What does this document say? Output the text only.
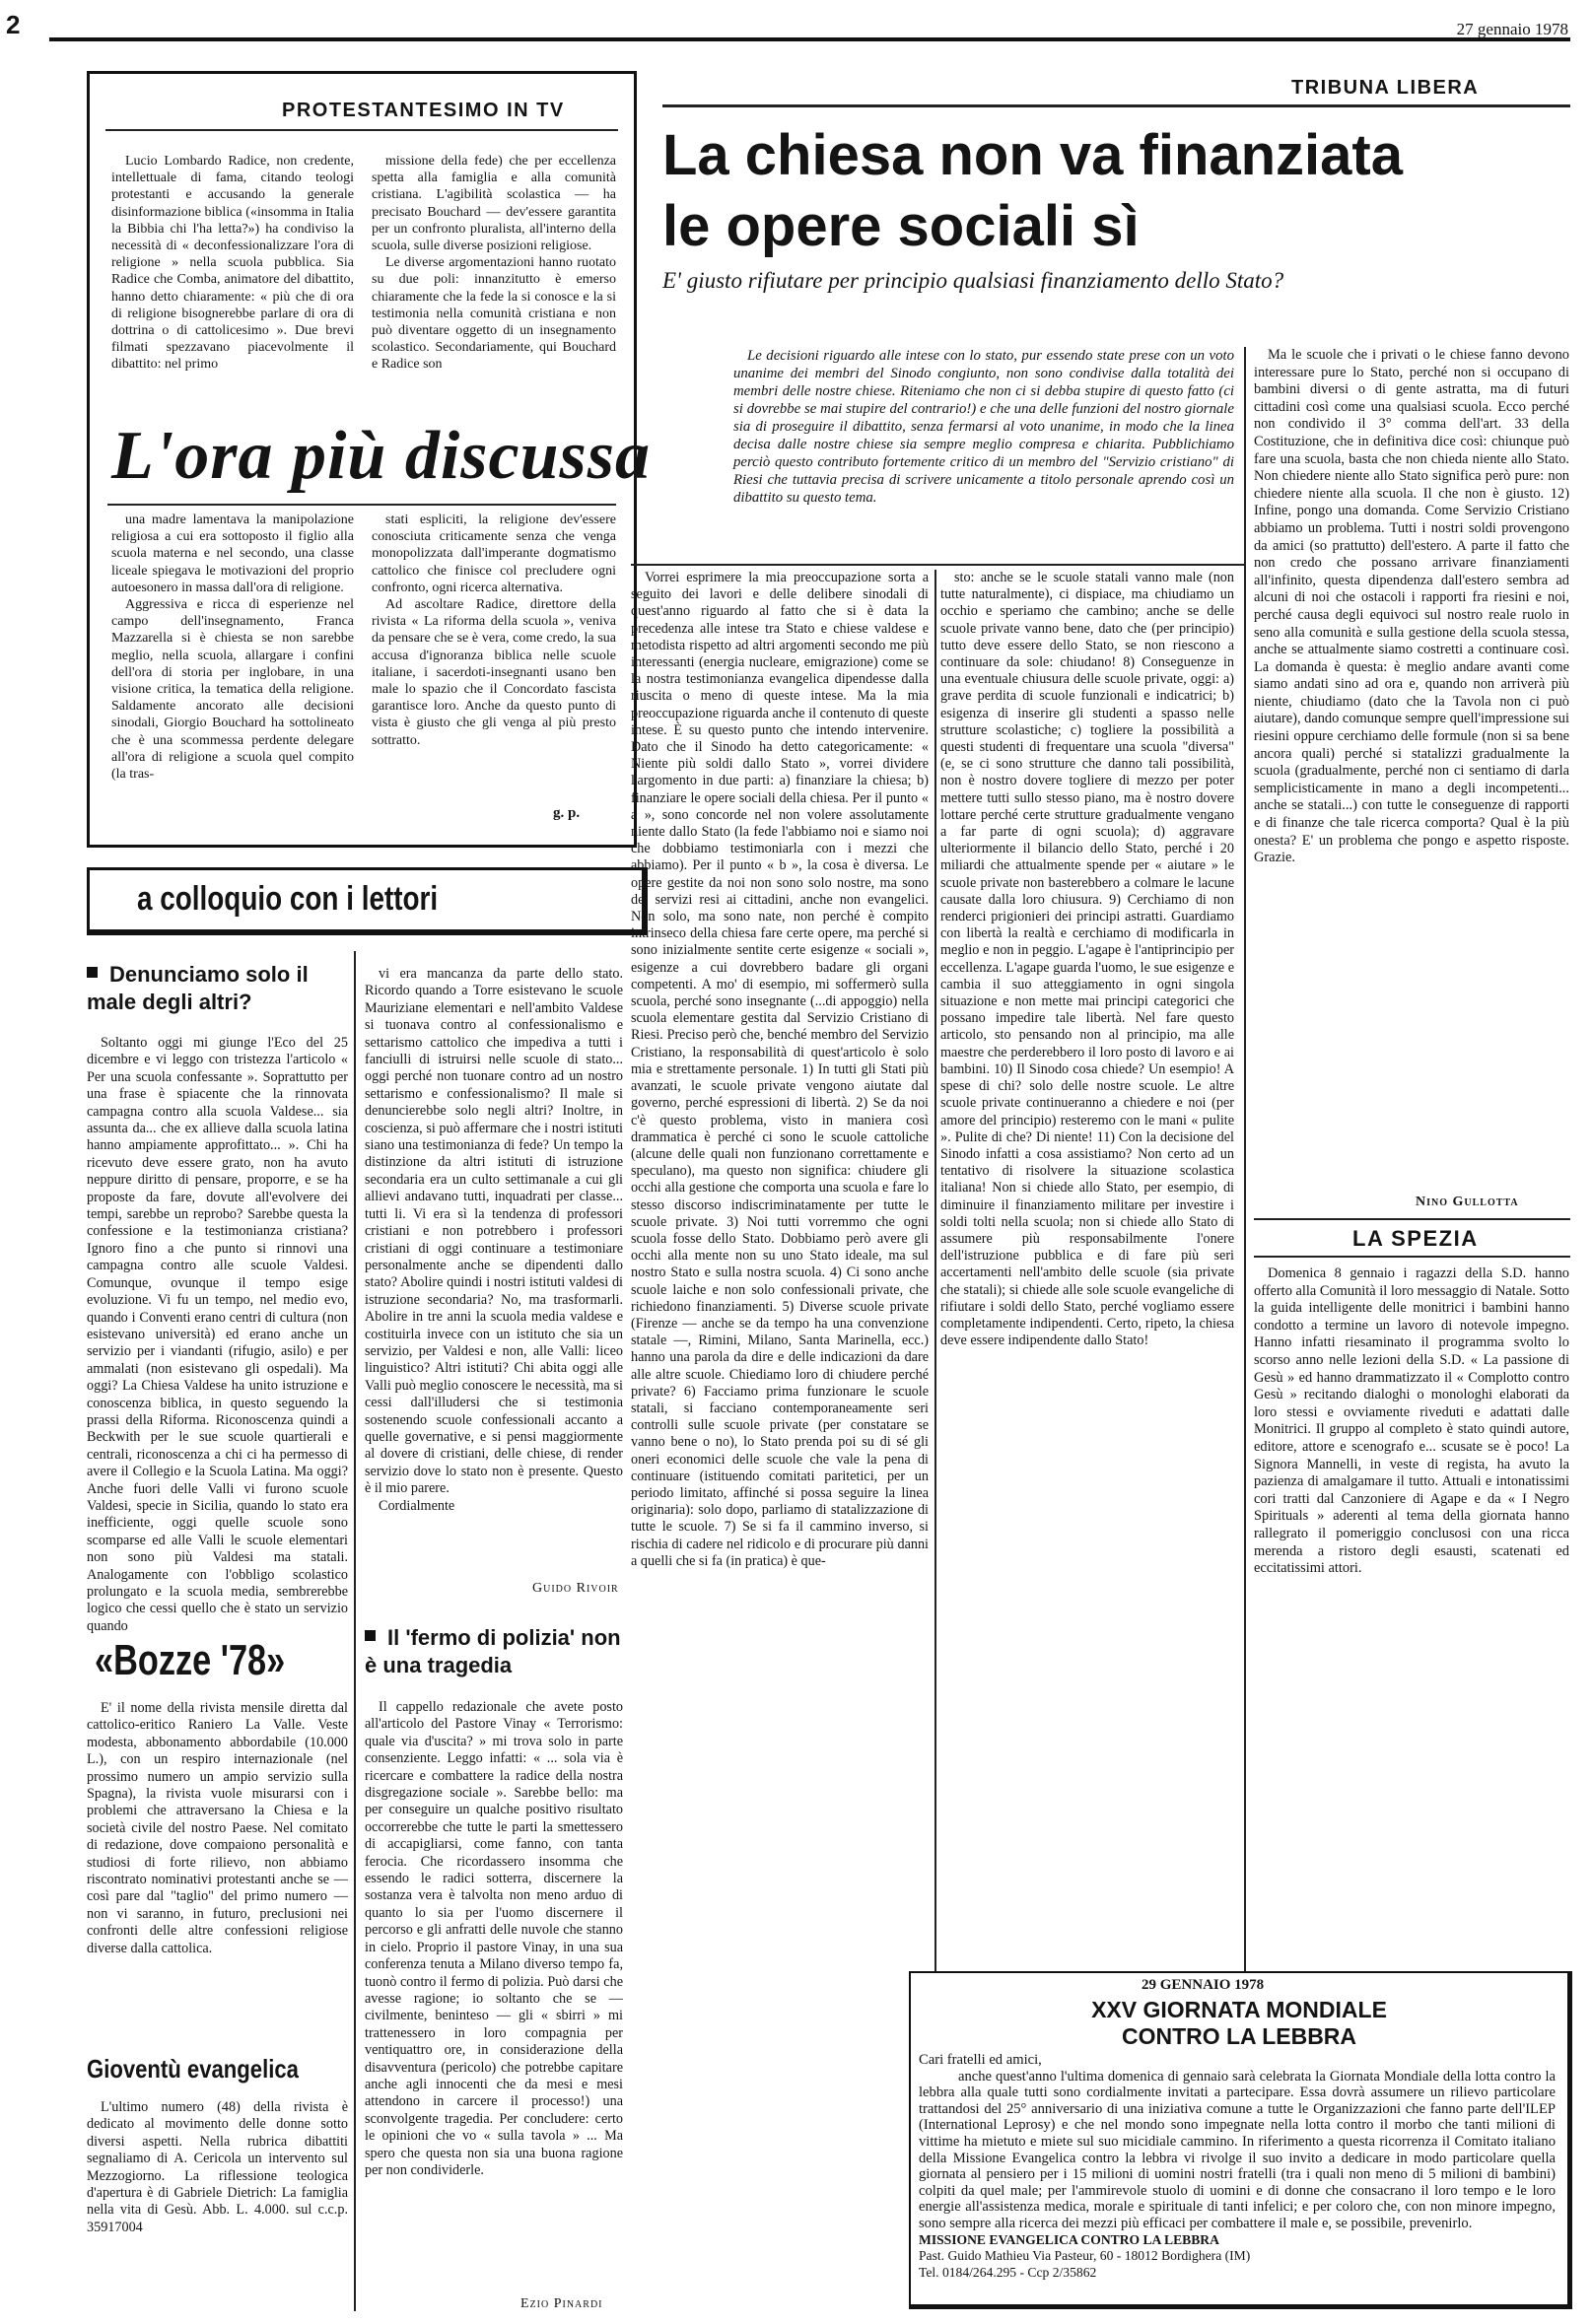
2	27 gennaio 1978
PROTESTANTESIMO IN TV

Lucio Lombardo Radice, non credente, intellettuale di fama, citando teologi protestanti e accusando la generale disinformazione biblica («insomma in Italia la Bibbia chi l'ha letta?») ha condiviso la necessità di « deconfessionalizzare l'ora di religione » nella scuola pubblica. Sia Radice che Comba, animatore del dibattito, hanno detto chiaramente: « più che di ora di religione bisognerebbe parlare di ora di dottrina o di cattolicesimo ». Due brevi filmati spezzavano piacevolmente il dibattito: nel primo

missione della fede) che per eccellenza spetta alla famiglia e alla comunità cristiana. L'agibilità scolastica — ha precisato Bouchard — dev'essere garantita per un confronto pluralista, all'interno della scuola, sulle diverse posizioni religiose.

Le diverse argomentazioni hanno ruotato su due poli: innanzitutto è emerso chiaramente che la fede la si conosce e la si testimonia nella comunità cristiana e non può diventare oggetto di un insegnamento scolastico. Secondariamente, qui Bouchard e Radice son

L'ora più discussa

una madre lamentava la manipolazione religiosa a cui era sottoposto il figlio alla scuola materna e nel secondo, una classe liceale spiegava le motivazioni del proprio autoesonero in massa dall'ora di religione.

Aggressiva e ricca di esperienze nel campo dell'insegnamento, Franca Mazzarella si è chiesta se non sarebbe meglio, nella scuola, allargare i confini dell'ora di storia per inglobare, in una visione critica, la tematica della religione. Saldamente ancorato alle decisioni sinodali, Giorgio Bouchard ha sottolineato che è una scommessa perdente delegare all'ora di religione a scuola quel compito (la tras-

stati espliciti, la religione dev'essere conosciuta criticamente senza che venga monopolizzata dall'imperante dogmatismo cattolico che finisce col precludere ogni confronto, ogni ricerca alternativa.

Ad ascoltare Radice, direttore della rivista « La riforma della scuola », veniva da pensare che se è vera, come credo, la sua accusa d'ignoranza biblica nelle scuole italiane, i sacerdoti-insegnanti usano ben male lo spazio che il Concordato fascista garantisce loro. Anche da questo punto di vista è giusto che gli venga al più presto sottratto.

g. p.
a colloquio con i lettori
Denunciamo solo il male degli altri?

Soltanto oggi mi giunge l'Eco del 25 dicembre e vi leggo con tristezza l'articolo « Per una scuola confessante ». Soprattutto per una frase è spiacente che la rinnovata campagna contro alla scuola Valdese... sia assunta da... che ex allieve dalla scuola latina hanno ampiamente approfittato... ». Chi ha ricevuto deve essere grato, non ha avuto neppure diritto di pensare, proporre, e se ha proposte da fare, dovute all'evolvere dei tempi, sarebbe un reprobo? Sarebbe questa la confessione e la testimonianza cristiana? Ignoro fino a che punto si rinnovi una campagna contro alle scuole Valdesi. Comunque, ovunque il tempo esige evoluzione. Vi fu un tempo, nel medio evo, quando i Conventi erano centri di cultura (non esistevano università) ed erano anche un servizio per i viandanti (rifugio, asilo) e per ammalati (non esistevano gli ospedali). Ma oggi? La Chiesa Valdese ha unito istruzione e conoscenza biblica, in questo seguendo la prassi della Riforma. Riconoscenza quindi a Beckwith per le sue scuole quartierali e centrali, riconoscenza a chi ci ha permesso di avere il Collegio e la Scuola Latina. Ma oggi? Anche fuori delle Valli vi furono scuole Valdesi, specie in Sicilia, quando lo stato era inefficiente, oggi quelle scuole sono scomparse ed alle Valli le scuole elementari non sono più Valdesi ma statali. Analogamente con l'obbligo scolastico prolungato e la scuola media, sembrerebbe logico che cessi quello che è stato un servizio quando

vi era mancanza da parte dello stato. Ricordo quando a Torre esistevano le scuole Mauriziane elementari e nell'ambito Valdese si tuonava contro al confessionalismo e settarismo cattolico che impediva a tutti i fanciulli di istruirsi nelle scuole di stato... oggi perché non tuonare contro ad un nostro settarismo e confessionalismo? Il male si denuncierebbe solo negli altri? Inoltre, in coscienza, si può affermare che i nostri istituti siano una testimonianza di fede? Un tempo la distinzione da altri istituti di istruzione secondaria era un culto settimanale a cui gli allievi andavano tutti, inquadrati per classe... tutti li. Vi era sì la tendenza di professori cristiani e non potrebbero i professori cristiani di oggi continuare a testimoniare personalmente anche se dipendenti dallo stato? Abolire quindi i nostri istituti valdesi di istruzione secondaria? No, ma trasformarli. Abolire in tre anni la scuola media valdese e costituirla invece con un istituto che sia un servizio, per Valdesi e non, alle Valli: liceo linguistico? Altri istituti? Chi abita oggi alle Valli può meglio conoscere le necessità, ma si cessi dall'illudersi che si testimonia sostenendo scuole confessionali accanto a quelle governative, e si pensi maggiormente al dovere di cristiani, delle chiese, di render servizio dove lo stato non è presente. Questo è il mio parere.

Cordialmente

Guido Rivoir
Il 'fermo di polizia' non è una tragedia

Il cappello redazionale che avete posto all'articolo del Pastore Vinay « Terrorismo: quale via d'uscita? » mi trova solo in parte consenziente. Leggo infatti: « ... sola via è ricercare e combattere la radice della nostra disgregazione sociale ». Sarebbe bello: ma per conseguire un qualche positivo risultato occorrerebbe che tutte le parti la smettessero di accapigliarsi, come fanno, con tanta ferocia. Che ricordassero insomma che essendo le radici sotterra, discernere la sostanza vera è talvolta non meno arduo di quanto lo sia per l'uomo discernere il percorso e gli anfratti delle nuvole che stanno in cielo. Proprio il pastore Vinay, in una sua conferenza tenuta a Milano diverso tempo fa, tuonò contro il fermo di polizia. Può darsi che avesse ragione; io soltanto che se — civilmente, beninteso — gli « sbirri » mi trattenessero in loro compagnia per ventiquattro ore, in considerazione della disavventura (pericolo) che potrebbe capitare anche agli innocenti che da mesi e mesi attendono in carcere il processo!) una sconvolgente tragedia. Per concludere: certo le opinioni che vo « sulla tavola » ... Ma spero che questa non sia una buona ragione per non condividerle.

Ezio Pinardi
«Bozze '78»

E' il nome della rivista mensile diretta dal cattolico-eritico Raniero La Valle. Veste modesta, abbonamento abbordabile (10.000 L.), con un respiro internazionale (nel prossimo numero un ampio servizio sulla Spagna), la rivista vuole misurarsi con i problemi che attraversano la Chiesa e la società civile del nostro Paese. Nel comitato di redazione, dove compaiono personalità e studiosi di forte rilievo, non abbiamo riscontrato nominativi protestanti anche se — così pare dal "taglio" del primo numero — non vi saranno, in futuro, preclusioni nei confronti delle altre confessioni religiose diverse dalla cattolica.

Gioventù evangelica

L'ultimo numero (48) della rivista è dedicato al movimento delle donne sotto diversi aspetti. Nella rubrica dibattiti segnaliamo di A. Cericola un intervento sul Mezzogiorno. La riflessione teologica d'apertura è di Gabriele Dietrich: La famiglia nella vita di Gesù. Abb. L. 4.000. sul c.c.p. 35917004

TRIBUNA LIBERA
La chiesa non va finanziata
le opere sociali sì
E' giusto rifiutare per principio qualsiasi finanziamento dello Stato?

Le decisioni riguardo alle intese con lo stato, pur essendo state prese con un voto unanime dei membri del Sinodo congiunto, non sono condivise dalla totalità dei membri delle nostre chiese. Riteniamo che non ci si debba stupire di questo fatto (ci si dovrebbe se mai stupire del contrario!) e che una delle funzioni del nostro giornale sia di proseguire il dibattito, senza fermarsi al voto unanime, in modo che la linea decisa dalle nostre chiese sia sempre meglio compresa e chiarita. Pubblichiamo perciò questo contributo fortemente critico di un membro del "Servizio cristiano" di Riesi che tuttavia precisa di scrivere unicamente a titolo personale aprendo così un dibattito su questo tema.

Vorrei esprimere la mia preoccupazione sorta a seguito dei lavori e delle delibere sinodali di quest'anno riguardo al fatto che si è data la precedenza alle intese tra Stato e chiese valdese e metodista rispetto ad altri argomenti secondo me più interessanti (energia nucleare, emigrazione) come se la nostra testimonianza evangelica dipendesse dalla riuscita o meno di queste intese. Ma la mia preoccupazione riguarda anche il contenuto di queste intese. È su questo punto che intendo intervenire. Dato che il Sinodo ha detto categoricamente: « Niente più soldi dallo Stato », vorrei dividere l'argomento in due parti: a) finanziare la chiesa; b) finanziare le opere sociali della chiesa. Per il punto « a », sono concorde nel non volere assolutamente niente dallo Stato (la fede l'abbiamo noi e siamo noi che dobbiamo testimoniarla con i mezzi che abbiamo). Per il punto « b », la cosa è diversa. Le opere gestite da noi non sono solo nostre, ma sono dei servizi resi ai cittadini, anche non evangelici. Non solo, ma sono nate, non perché è compito intrinseco della chiesa fare certe opere, ma perché si sono inizialmente sentite certe esigenze « sociali », esigenze a cui dovrebbero badare gli organi competenti. A mo' di esempio, mi soffermerò sulla scuola, perché sono insegnante (...di appoggio) nella scuola elementare gestita dal Servizio Cristiano di Riesi. Preciso però che, benché membro del Servizio Cristiano, la responsabilità di quest'articolo è solo mia e strettamente personale. 1) In tutti gli Stati più avanzati, le scuole private vengono aiutate dal governo, perché espressioni di libertà. 2) Se da noi c'è questo problema, visto in maniera così drammatica è perché ci sono le scuole cattoliche (alcune delle quali non funzionano correttamente e speculano), ma questo non significa: chiudere gli occhi alla gestione che comporta una scuola e fare lo stesso discorso indiscriminatamente per tutte le scuole private. 3) Noi tutti vorremmo che ogni scuola fosse dello Stato. Dobbiamo però avere gli occhi alla mente non su uno Stato ideale, ma sul nostro Stato e sulla nostra scuola. 4) Ci sono anche scuole laiche e non solo confessionali private, che richiedono finanziamenti. 5) Diverse scuole private (Firenze — anche se da tempo ha una convenzione statale —, Rimini, Milano, Santa Marinella, ecc.) hanno una parola da dire e delle indicazioni da dare alle altre scuole. Chiediamo loro di chiudere perché private? 6) Facciamo prima funzionare le scuole statali, si facciano contemporaneamente seri controlli sulle scuole private (per constatare se vanno bene o no), lo Stato prenda poi su di sé gli oneri economici delle scuole che vale la pena di continuare (istituendo comitati paritetici, per un periodo limitato, affinché si possa seguire la linea originaria): solo dopo, parliamo di statalizzazione di tutte le scuole. 7) Se si fa il cammino inverso, si rischia di cadere nel ridicolo e di procurare più danni a quelli che si fa (in pratica) è que-

sto: anche se le scuole statali vanno male (non tutte naturalmente), ci dispiace, ma chiudiamo un occhio e speriamo che cambino; anche se delle scuole private vanno bene, dato che (per principio) tutto deve essere dello Stato, se non riescono a continuare da sole: chiudano! 8) Conseguenze in una eventuale chiusura delle scuole private, oggi: a) grave perdita di scuole funzionali e indicatrici; b) esigenza di inserire gli studenti a spasso nelle strutture scolastiche; c) togliere la possibilità a questi studenti di frequentare una scuola "diversa" (e, se ci sono strutture che danno tali possibilità, non è nostro dovere togliere di mezzo per poter mettere tutti sullo stesso piano, ma è nostro dovere lottare perché certe strutture gradualmente vengano a far parte di ogni scuola); d) aggravare ulteriormente il bilancio dello Stato, perché i 20 miliardi che attualmente spende per « aiutare » le scuole private non basterebbero a colmare le lacune causate dalla loro chiusura. 9) Cerchiamo di non renderci prigionieri dei principi astratti. Guardiamo con libertà la realtà e cerchiamo di modificarla in meglio e non in peggio. L'agape è l'antiprincipio per eccellenza. L'agape guarda l'uomo, le sue esigenze e cambia il suo atteggiamento in ogni singola situazione e non mette mai principi categorici che possano impedire tale libertà. Nel fare questo articolo, sto pensando non al principio, ma alle maestre che perderebbero il loro posto di lavoro e ai bambini. 10) Il Sinodo cosa chiede? Un esempio! A spese di chi? solo delle nostre scuole. Le altre scuole private continueranno a chiedere e noi (per amore del principio) resteremo con le mani « pulite ». Pulite di che? Di niente! 11) Con la decisione del Sinodo infatti a cosa assistiamo? Non certo ad un tentativo di risolvere la situazione scolastica italiana! Non si chiede allo Stato, per esempio, di diminuire il finanziamento militare per investire i soldi tolti nella scuola; non si chiede allo Stato di assumere più responsabilmente l'onere dell'istruzione pubblica e di fare più seri accertamenti nell'ambito delle scuole (sia private che statali); si chiede alle sole scuole evangeliche di rifiutare i soldi dello Stato, perché vogliamo essere completamente indipendenti. Certo, ripeto, la chiesa deve essere indipendente dallo Stato!

Ma le scuole che i privati o le chiese fanno devono interessare pure lo Stato, perché non si occupano di bambini diversi o di gente astratta, ma di futuri cittadini così come una qualsiasi scuola. Ecco perché non condivido il 3° comma dell'art. 33 della Costituzione, che in definitiva dice così: chiunque può fare una scuola, basta che non chieda niente allo Stato. Non chiedere niente allo Stato significa però pure: non chiedere niente alla scuola. Il che non è giusto. 12) Infine, pongo una domanda. Come Servizio Cristiano abbiamo un problema. Tutti i nostri soldi provengono da amici (so prattutto) dell'estero. A parte il fatto che non credo che possano arrivare finanziamenti all'infinito, questa dipendenza dall'estero sembra ad alcuni di noi che ostacoli i rapporti fra riesini e noi, perché causa degli equivoci sul nostro reale ruolo in seno alla comunità e sulla gestione della scuola stessa, anche se attualmente siamo costretti a continuare così. La domanda è questa: è meglio andare avanti come siamo andati sino ad ora e, quando non arriverà più niente, chiudiamo (dato che la Tavola non ci può aiutare), dando comunque sempre quell'impressione sui riesini oppure cerchiamo delle formule (non si sa bene ancora quali) perché si statalizzi gradualmente la scuola (gradualmente, perché non ci sentiamo di darla semplicisticamente in mano a degli incompetenti... anche se statali...) con tutte le conseguenze di rapporti e di finanze che tale ricerca comporta? Qual è la più onesta? E' un problema che pongo e aspetto risposte. Grazie.

Nino Gullotta
LA SPEZIA

Domenica 8 gennaio i ragazzi della S.D. hanno offerto alla Comunità il loro messaggio di Natale. Sotto la guida intelligente delle monitrici i bambini hanno condotto a termine un lavoro di notevole impegno. Hanno infatti riesaminato il programma svolto lo scorso anno nelle lezioni della S.D. « La passione di Gesù » ed hanno drammatizzato il « Complotto contro Gesù » recitando dialoghi o monologhi elaborati da loro stessi e ovviamente riveduti e adattati dalle Monitrici. Il gruppo al completo è stato quindi autore, editore, attore e scenografo e... scusate se è poco! La Signora Mannelli, in veste di regista, ha avuto la pazienza di amalgamare il tutto. Attuali e intonatissimi cori tratti dal Canzoniere di Agape e da « I Negro Spirituals » aderenti al tema della giornata hanno rallegrato il pomeriggio conclusosi con una ricca merenda a ristoro degli esausti, scatenati ed eccitatissimi attori.

29 GENNAIO 1978
XXV GIORNATA MONDIALE
CONTRO LA LEBBRA

Cari fratelli ed amici,

anche quest'anno l'ultima domenica di gennaio sarà celebrata la Giornata Mondiale della lotta contro la lebbra alla quale tutti sono cordialmente invitati a partecipare. Essa dovrà assumere un rilievo particolare trattandosi del 25° anniversario di una iniziativa comune a tutte le Organizzazioni che fanno parte dell'ILEP (International Leprosy) e che nel mondo sono impegnate nella lotta contro il morbo che tanti milioni di vittime ha mietuto e miete sul suo micidiale cammino. In riferimento a questa ricorrenza il Comitato italiano della Missione Evangelica contro la lebbra vi rivolge il suo invito a dedicare in modo particolare quella giornata al pensiero per i 15 milioni di uomini nostri fratelli (tra i quali non meno di 5 milioni di bambini) colpiti da quel male; per l'ammirevole stuolo di uomini e di donne che consacrano il loro tempo e le loro energie all'assistenza medica, morale e spirituale di tanti infelici; e per coloro che, con non minore impegno, sono sempre alla ricerca dei mezzi più efficaci per combattere il male e, se possibile, prevenirlo.

MISSIONE EVANGELICA CONTRO LA LEBBRA

Past. Guido Mathieu Via Pasteur, 60 - 18012 Bordighera (IM)

Tel. 0184/264.295 - Ccp 2/35862
